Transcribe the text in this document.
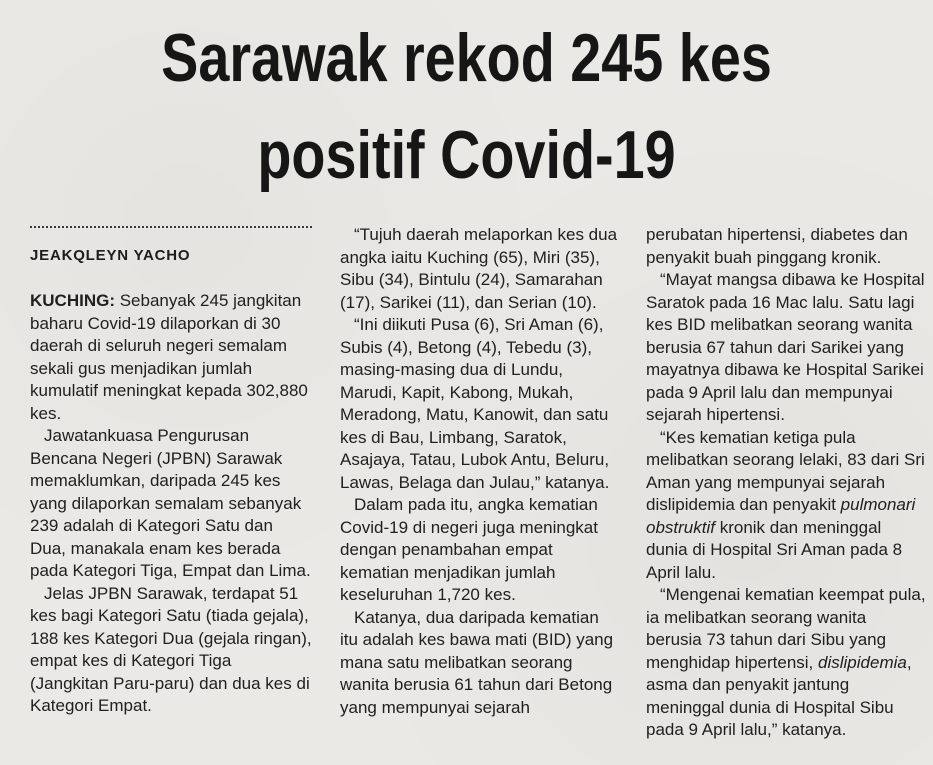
Sarawak rekod 245 kes
positif Covid-19

JEAKQLEYN YACHO

KUCHING: Sebanyak 245 jangkitan baharu Covid-19 dilaporkan di 30 daerah di seluruh negeri semalam sekali gus menjadikan jumlah kumulatif meningkat kepada 302,880 kes.

Jawatankuasa Pengurusan Bencana Negeri (JPBN) Sarawak memaklumkan, daripada 245 kes yang dilaporkan semalam sebanyak 239 adalah di Kategori Satu dan Dua, manakala enam kes berada pada Kategori Tiga, Empat dan Lima.

Jelas JPBN Sarawak, terdapat 51 kes bagi Kategori Satu (tiada gejala), 188 kes Kategori Dua (gejala ringan), empat kes di Kategori Tiga (Jangkitan Paru-paru) dan dua kes di Kategori Empat.

“Tujuh daerah melaporkan kes dua angka iaitu Kuching (65), Miri (35), Sibu (34), Bintulu (24), Samarahan (17), Sarikei (11), dan Serian (10).

“Ini diikuti Pusa (6), Sri Aman (6), Subis (4), Betong (4), Tebedu (3), masing-masing dua di Lundu, Marudi, Kapit, Kabong, Mukah, Meradong, Matu, Kanowit, dan satu kes di Bau, Limbang, Saratok, Asajaya, Tatau, Lubok Antu, Beluru, Lawas, Belaga dan Julau,” katanya.

Dalam pada itu, angka kematian Covid-19 di negeri juga meningkat dengan penambahan empat kematian menjadikan jumlah keseluruhan 1,720 kes.

Katanya, dua daripada kematian itu adalah kes bawa mati (BID) yang mana satu melibatkan seorang wanita berusia 61 tahun dari Betong yang mempunyai sejarah

perubatan hipertensi, diabetes dan penyakit buah pinggang kronik.

“Mayat mangsa dibawa ke Hospital Saratok pada 16 Mac lalu. Satu lagi kes BID melibatkan seorang wanita berusia 67 tahun dari Sarikei yang mayatnya dibawa ke Hospital Sarikei pada 9 April lalu dan mempunyai sejarah hipertensi.

“Kes kematian ketiga pula melibatkan seorang lelaki, 83 dari Sri Aman yang mempunyai sejarah dislipidemia dan penyakit pulmonari obstruktif kronik dan meninggal dunia di Hospital Sri Aman pada 8 April lalu.

“Mengenai kematian keempat pula, ia melibatkan seorang wanita berusia 73 tahun dari Sibu yang menghidap hipertensi, dislipidemia, asma dan penyakit jantung meninggal dunia di Hospital Sibu pada 9 April lalu,” katanya.
